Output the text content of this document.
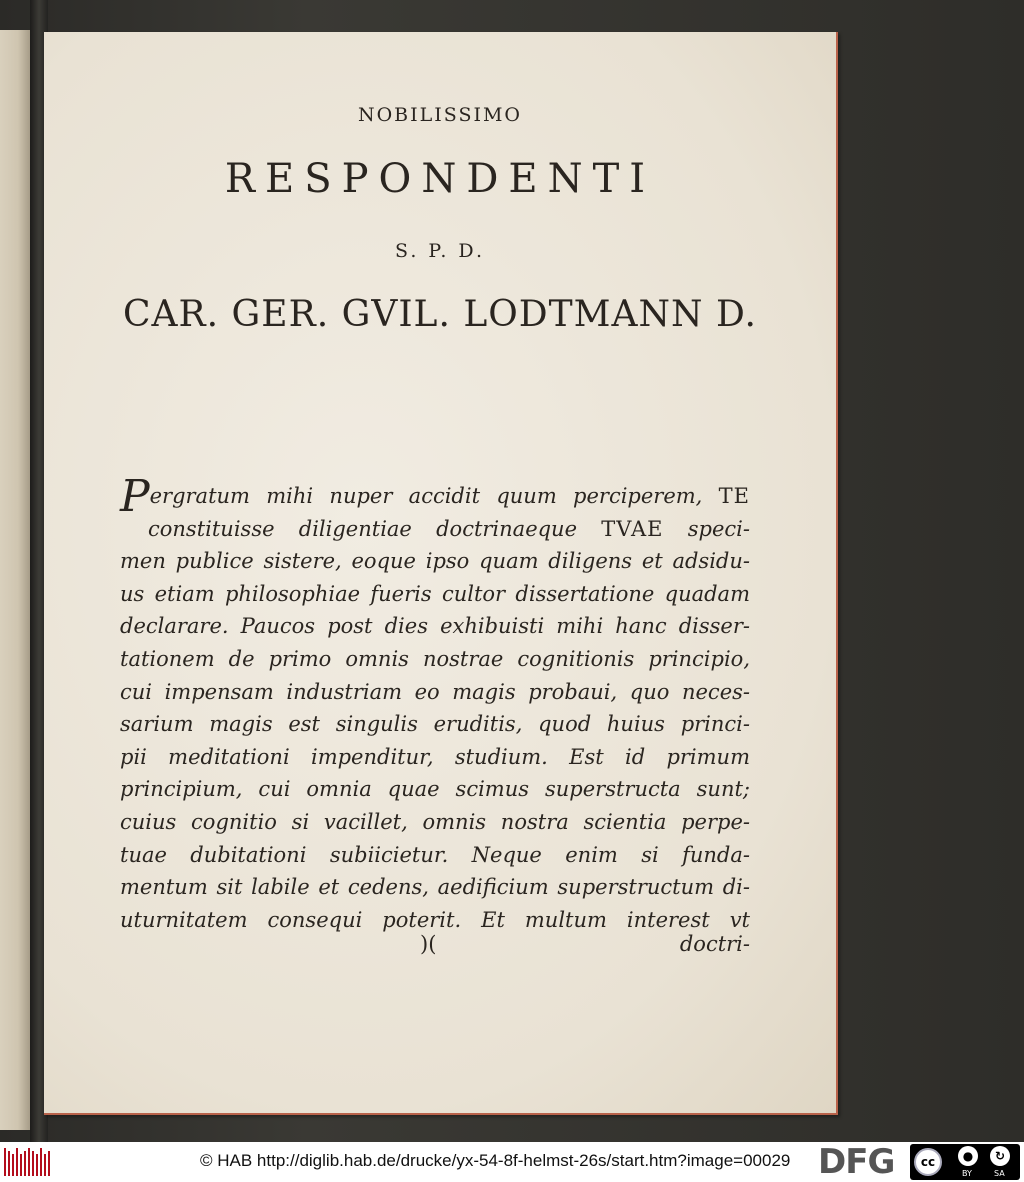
NOBILISSIMO
RESPONDENTI
S. P. D.
CAR. GER. GVIL. LODTMANN D.
Pergratum mihi nuper accidit quum perciperem, TE
constituisse diligentiae doctrinaeque TVAE speci-
men publice sistere, eoque ipso quam diligens et adsidu-
us etiam philosophiae fueris cultor dissertatione quadam
declarare. Paucos post dies exhibuisti mihi hanc disser-
tationem de primo omnis nostrae cognitionis principio,
cui impensam industriam eo magis probaui, quo neces-
sarium magis est singulis eruditis, quod huius princi-
pii meditationi impenditur, studium. Est id primum
principium, cui omnia quae scimus superstructa sunt;
cuius cognitio si vacillet, omnis nostra scientia perpe-
tuae dubitationi subiicietur. Neque enim si funda-
mentum sit labile et cedens, aedificium superstructum di-
uturnitatem consequi poterit. Et multum interest vt
)(	doctri-
© HAB http://diglib.hab.de/drucke/yx-54-8f-helmst-26s/start.htm?image=00029 DFG	cc	●	↻
BY	SA
